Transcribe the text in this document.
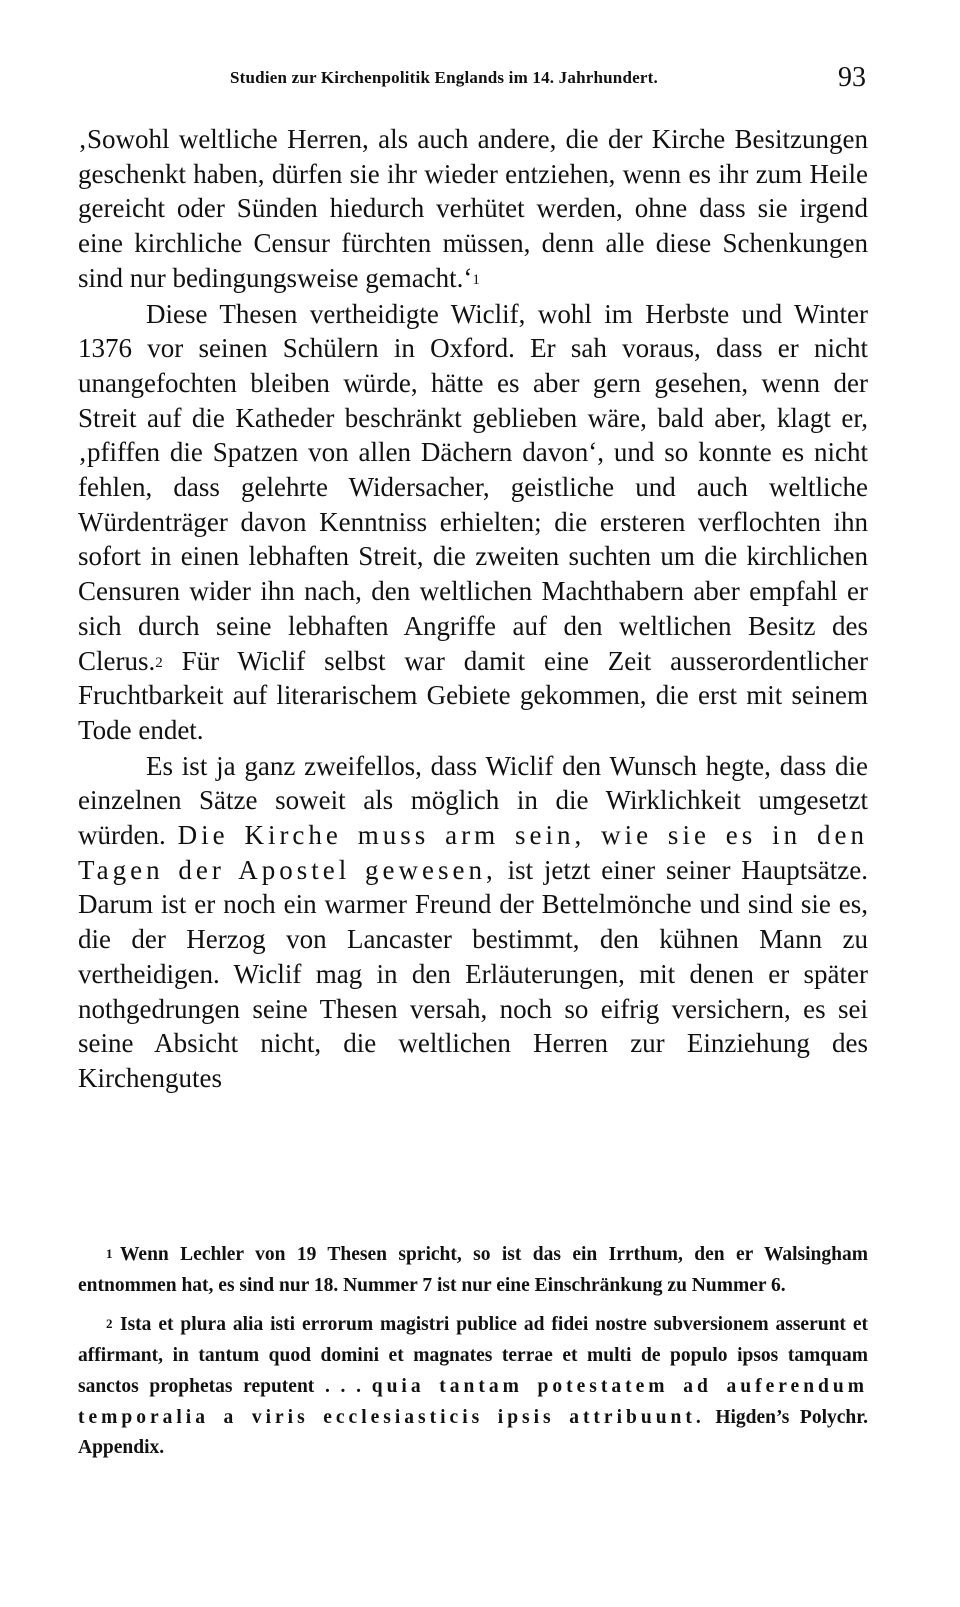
Studien zur Kirchenpolitik Englands im 14. Jahrhundert.	93

‚Sowohl weltliche Herren, als auch andere, die der Kirche Besitzungen geschenkt haben, dürfen sie ihr wieder entziehen, wenn es ihr zum Heile gereicht oder Sünden hiedurch verhütet werden, ohne dass sie irgend eine kirchliche Censur fürchten müssen, denn alle diese Schenkungen sind nur bedingungsweise gemacht.‘$^1$

Diese Thesen vertheidigte Wiclif, wohl im Herbste und Winter 1376 vor seinen Schülern in Oxford. Er sah voraus, dass er nicht unangefochten bleiben würde, hätte es aber gern gesehen, wenn der Streit auf die Katheder beschränkt geblieben wäre, bald aber, klagt er, ‚pfiffen die Spatzen von allen Dächern davon‘, und so konnte es nicht fehlen, dass gelehrte Widersacher, geistliche und auch weltliche Würdenträger davon Kenntniss erhielten; die ersteren verflochten ihn sofort in einen lebhaften Streit, die zweiten suchten um die kirchlichen Censuren wider ihn nach, den weltlichen Machthabern aber empfahl er sich durch seine lebhaften Angriffe auf den weltlichen Besitz des Clerus.$^2$ Für Wiclif selbst war damit eine Zeit ausserordentlicher Fruchtbarkeit auf literarischem Gebiete gekommen, die erst mit seinem Tode endet.

Es ist ja ganz zweifellos, dass Wiclif den Wunsch hegte, dass die einzelnen Sätze soweit als möglich in die Wirklichkeit umgesetzt würden. Die Kirche muss arm sein, wie sie es in den Tagen der Apostel gewesen, ist jetzt einer seiner Hauptsätze. Darum ist er noch ein warmer Freund der Bettelmönche und sind sie es, die der Herzog von Lancaster bestimmt, den kühnen Mann zu vertheidigen. Wiclif mag in den Erläuterungen, mit denen er später nothgedrungen seine Thesen versah, noch so eifrig versichern, es sei seine Absicht nicht, die weltlichen Herren zur Einziehung des Kirchengutes

1 Wenn Lechler von 19 Thesen spricht, so ist das ein Irrthum, den er Walsingham entnommen hat, es sind nur 18. Nummer 7 ist nur eine Einschränkung zu Nummer 6.

2 Ista et plura alia isti errorum magistri publice ad fidei nostre subversionem asserunt et affirmant, in tantum quod domini et magnates terrae et multi de populo ipsos tamquam sanctos prophetas reputent . . . quia tantam potestatem ad auferendum temporalia a viris ecclesiasticis ipsis attribuunt. Higden’s Polychr. Appendix.
